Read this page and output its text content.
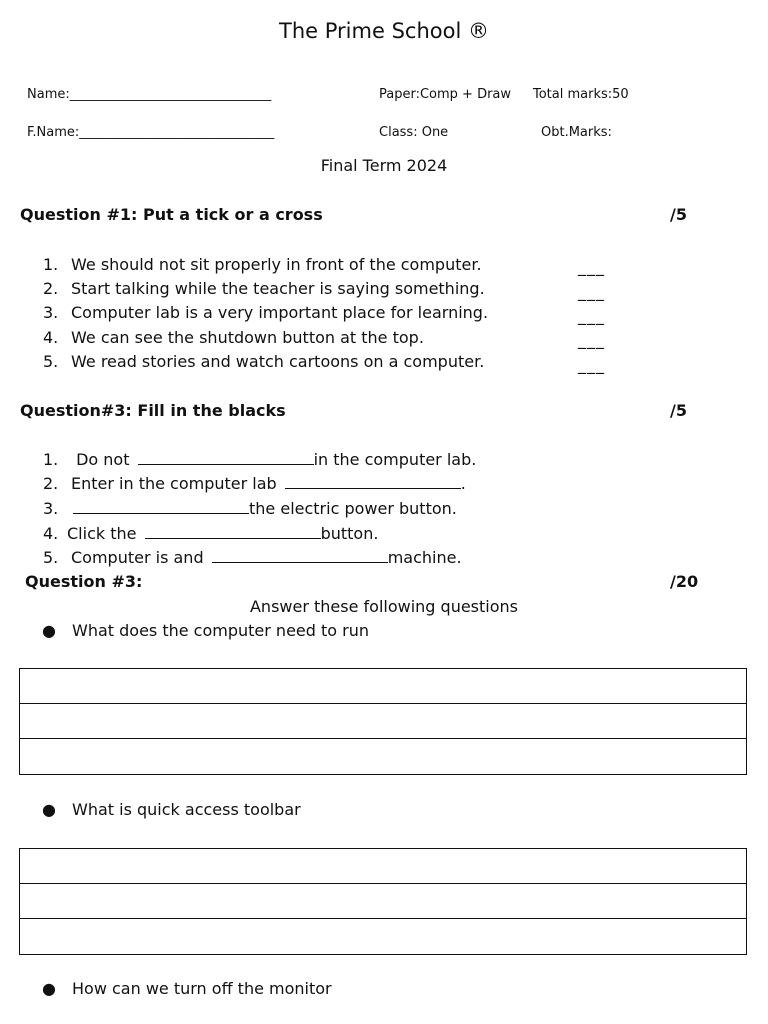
The Prime School ®
Name:_______________________________	Paper:Comp + Draw Total marks:50
F.Name:______________________________	Class: One	Obt.Marks:
Final Term 2024
Question #1: Put a tick or a cross	/5
1. We should not sit properly in front of the computer.	___
2. Start talking while the teacher is saying something.	___
3. Computer lab is a very important place for learning.	___
4. We can see the shutdown button at the top.	___
5. We read stories and watch cartoons on a computer.	___
Question#3: Fill in the blacks	/5
1. Do not	in the computer lab.
2. Enter in the computer lab	.
3.	the electric power button.
4. Click the	button.
5. Computer is and	machine.
Question #3:	/20
Answer these following questions
● What does the computer need to run
● What is quick access toolbar
● How can we turn off the monitor
